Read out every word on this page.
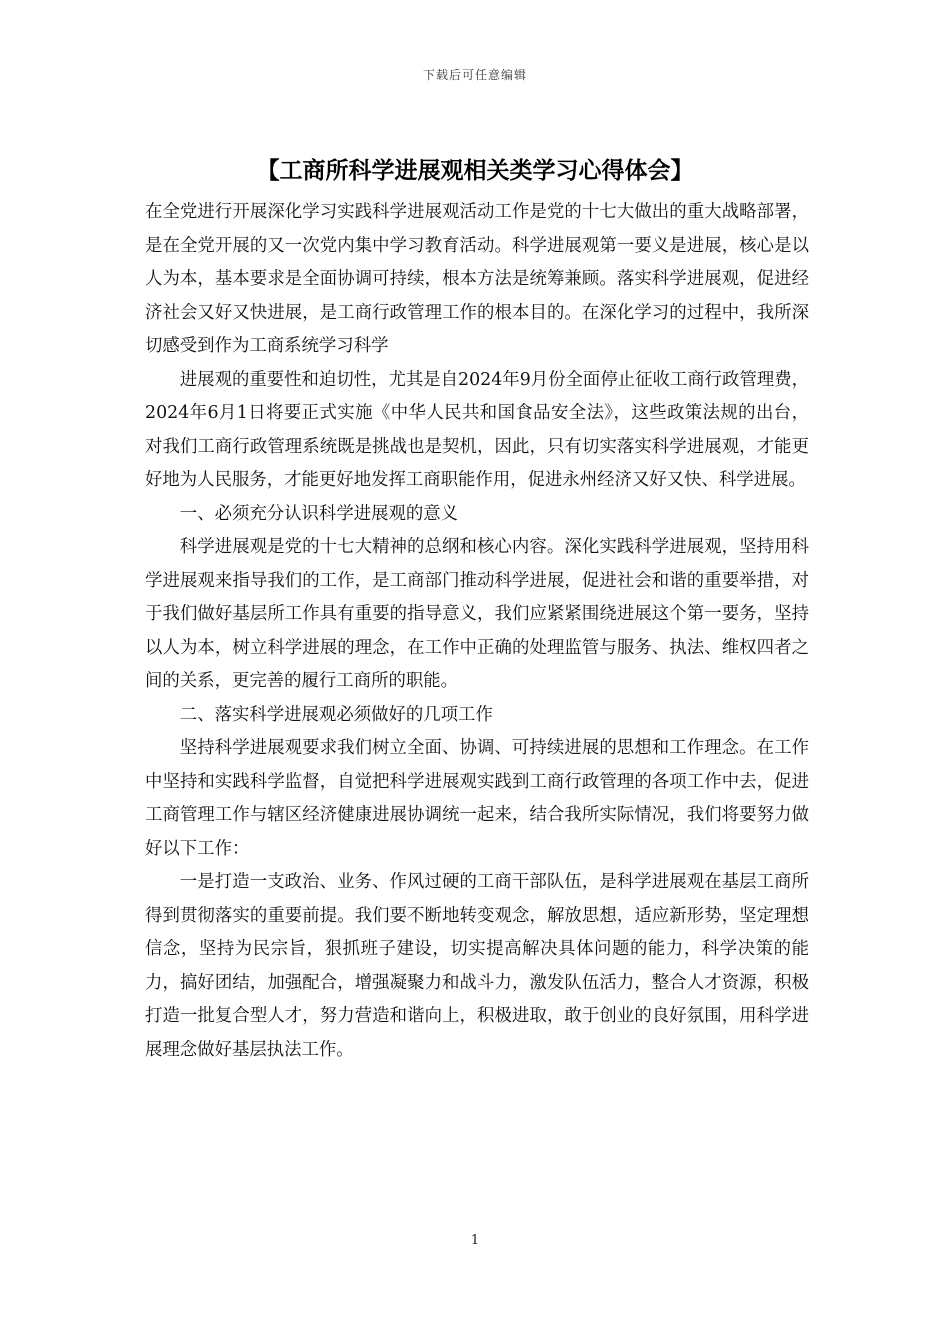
下载后可任意编辑
【工商所科学进展观相关类学习心得体会】

在全党进行开展深化学习实践科学进展观活动工作是党的十七大做出的重大战略部署，是在全党开展的又一次党内集中学习教育活动。科学进展观第一要义是进展，核心是以人为本，基本要求是全面协调可持续，根本方法是统筹兼顾。落实科学进展观，促进经济社会又好又快进展，是工商行政管理工作的根本目的。在深化学习的过程中，我所深切感受到作为工商系统学习科学

进展观的重要性和迫切性，尤其是自2024年9月份全面停止征收工商行政管理费，2024年6月1日将要正式实施《中华人民共和国食品安全法》，这些政策法规的出台，对我们工商行政管理系统既是挑战也是契机，因此，只有切实落实科学进展观，才能更好地为人民服务，才能更好地发挥工商职能作用，促进永州经济又好又快、科学进展。

一、必须充分认识科学进展观的意义

科学进展观是党的十七大精神的总纲和核心内容。深化实践科学进展观，坚持用科学进展观来指导我们的工作，是工商部门推动科学进展，促进社会和谐的重要举措，对于我们做好基层所工作具有重要的指导意义，我们应紧紧围绕进展这个第一要务，坚持以人为本，树立科学进展的理念，在工作中正确的处理监管与服务、执法、维权四者之间的关系，更完善的履行工商所的职能。

二、落实科学进展观必须做好的几项工作

坚持科学进展观要求我们树立全面、协调、可持续进展的思想和工作理念。在工作中坚持和实践科学监督，自觉把科学进展观实践到工商行政管理的各项工作中去，促进工商管理工作与辖区经济健康进展协调统一起来，结合我所实际情况，我们将要努力做好以下工作：

一是打造一支政治、业务、作风过硬的工商干部队伍，是科学进展观在基层工商所得到贯彻落实的重要前提。我们要不断地转变观念，解放思想，适应新形势，坚定理想信念，坚持为民宗旨，狠抓班子建设，切实提高解决具体问题的能力，科学决策的能力，搞好团结，加强配合，增强凝聚力和战斗力，激发队伍活力，整合人才资源，积极打造一批复合型人才，努力营造和谐向上，积极进取，敢于创业的良好氛围，用科学进展理念做好基层执法工作。

1
